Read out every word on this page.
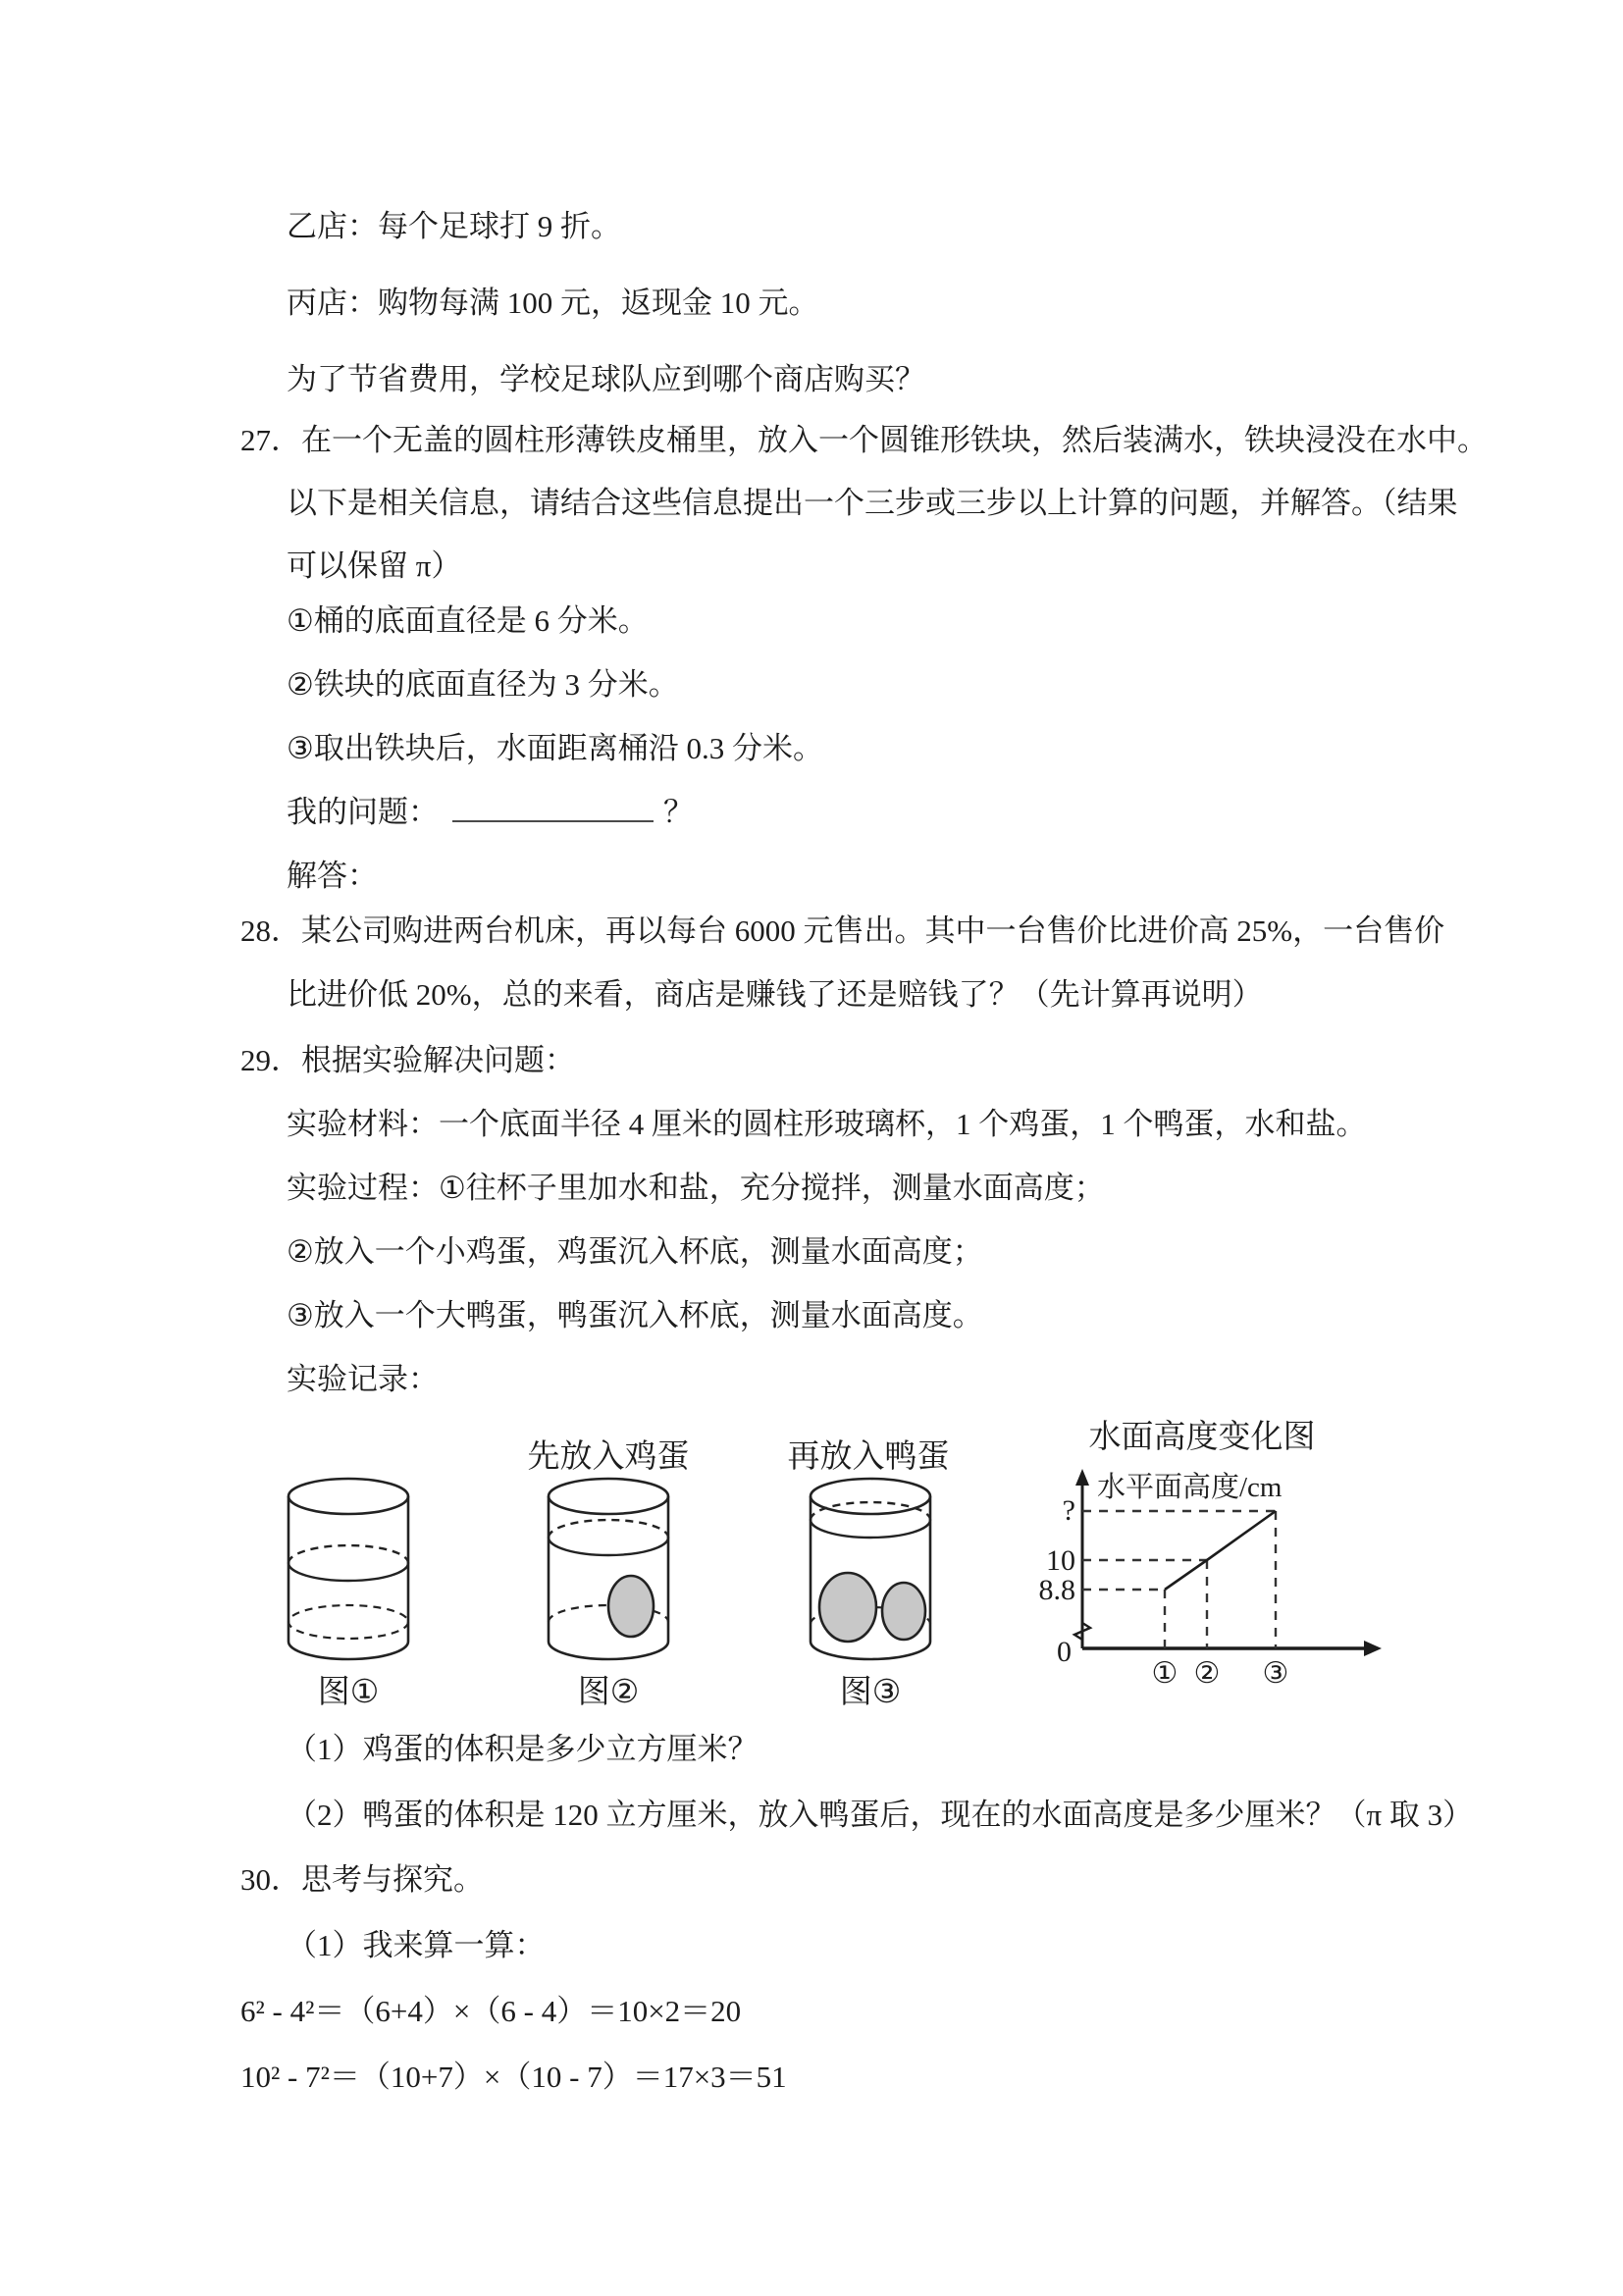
乙店：每个足球打 9 折。
丙店：购物每满 100 元，返现金 10 元。
为了节省费用，学校足球队应到哪个商店购买？
27．在一个无盖的圆柱形薄铁皮桶里，放入一个圆锥形铁块，然后装满水，铁块浸没在水中。
以下是相关信息，请结合这些信息提出一个三步或三步以上计算的问题，并解答。（结果
可以保留 π）
①桶的底面直径是 6 分米。
②铁块的底面直径为 3 分米。
③取出铁块后，水面距离桶沿 0.3 分米。
我的问题：	？
解答：
28．某公司购进两台机床，再以每台 6000 元售出。其中一台售价比进价高 25%，一台售价
比进价低 20%，总的来看，商店是赚钱了还是赔钱了？（先计算再说明）
29．根据实验解决问题：
实验材料：一个底面半径 4 厘米的圆柱形玻璃杯，1 个鸡蛋，1 个鸭蛋，水和盐。
实验过程：①往杯子里加水和盐，充分搅拌，测量水面高度；
②放入一个小鸡蛋，鸡蛋沉入杯底，测量水面高度；
③放入一个大鸭蛋，鸭蛋沉入杯底，测量水面高度。
实验记录：
先放入鸡蛋	再放入鸭蛋
水面高度变化图
图①	图②	图③
水平面高度/cm
?
10
8.8
0
① ② ③
（1）鸡蛋的体积是多少立方厘米？
（2）鸭蛋的体积是 120 立方厘米，放入鸭蛋后，现在的水面高度是多少厘米？（π 取 3）
30．思考与探究。
（1）我来算一算：
6² - 4²＝（6+4）×（6 - 4）＝10×2＝20
10² - 7²＝（10+7）×（10 - 7）＝17×3＝51
